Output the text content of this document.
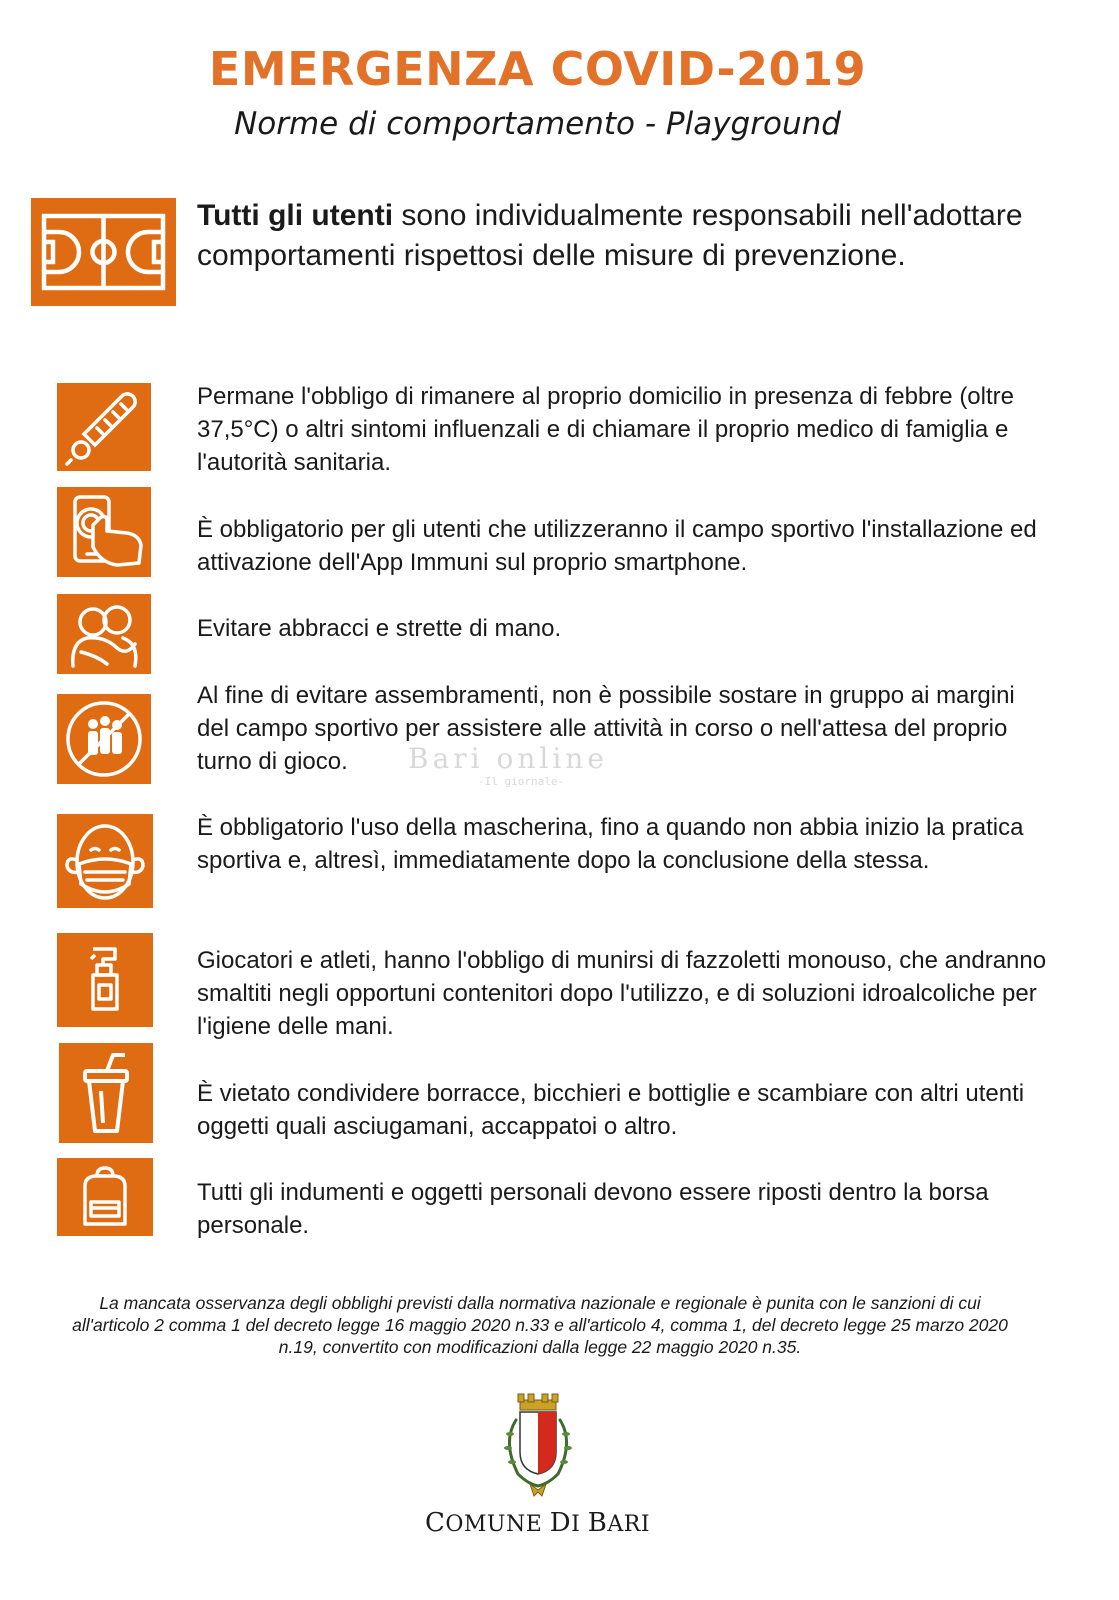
EMERGENZA COVID-2019
Norme di comportamento - Playground

Tutti gli utenti sono individualmente responsabili nell'adottare comportamenti rispettosi delle misure di prevenzione.

Permane l'obbligo di rimanere al proprio domicilio in presenza di febbre (oltre 37,5°C) o altri sintomi influenzali e di chiamare il proprio medico di famiglia e l'autorità sanitaria.

È obbligatorio per gli utenti che utilizzeranno il campo sportivo l'installazione ed attivazione dell'App Immuni sul proprio smartphone.

Evitare abbracci e strette di mano.

Al fine di evitare assembramenti, non è possibile sostare in gruppo ai margini del campo sportivo per assistere alle attività in corso o nell'attesa del proprio turno di gioco.	Bari online
-Il giornale-

È obbligatorio l'uso della mascherina, fino a quando non abbia inizio la pratica sportiva e, altresì, immediatamente dopo la conclusione della stessa.

Giocatori e atleti, hanno l'obbligo di munirsi di fazzoletti monouso, che andranno smaltiti negli opportuni contenitori dopo l'utilizzo, e di soluzioni idroalcoliche per l'igiene delle mani.

È vietato condividere borracce, bicchieri e bottiglie e scambiare con altri utenti oggetti quali asciugamani, accappatoi o altro.

Tutti gli indumenti e oggetti personali devono essere riposti dentro la borsa personale.

La mancata osservanza degli obblighi previsti dalla normativa nazionale e regionale è punita con le sanzioni di cui all'articolo 2 comma 1 del decreto legge 16 maggio 2020 n.33 e all'articolo 4, comma 1, del decreto legge 25 marzo 2020 n.19, convertito con modificazioni dalla legge 22 maggio 2020 n.35.

COMUNE DI BARI
